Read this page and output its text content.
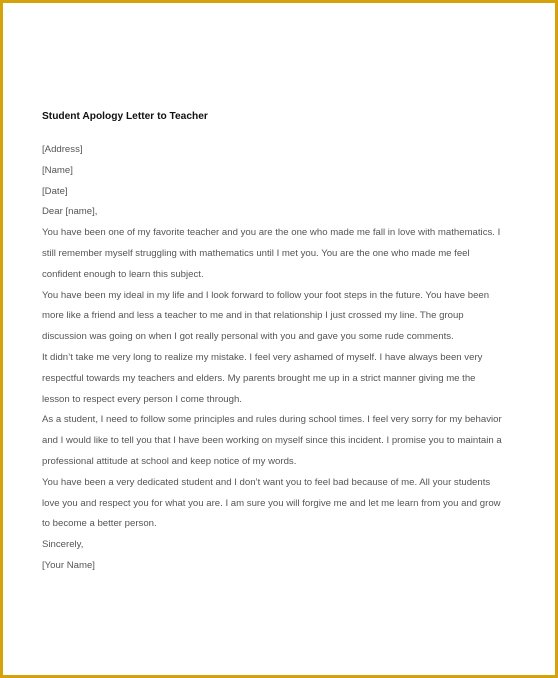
Student Apology Letter to Teacher
[Address]
[Name]
[Date]
Dear [name],
You have been one of my favorite teacher and you are the one who made me fall in love with mathematics. I
still remember myself struggling with mathematics until I met you. You are the one who made me feel
confident enough to learn this subject.
You have been my ideal in my life and I look forward to follow your foot steps in the future. You have been
more like a friend and less a teacher to me and in that relationship I just crossed my line. The group
discussion was going on when I got really personal with you and gave you some rude comments.
It didn’t take me very long to realize my mistake. I feel very ashamed of myself. I have always been very
respectful towards my teachers and elders. My parents brought me up in a strict manner giving me the
lesson to respect every person I come through.
As a student, I need to follow some principles and rules during school times. I feel very sorry for my behavior
and I would like to tell you that I have been working on myself since this incident. I promise you to maintain a
professional attitude at school and keep notice of my words.
You have been a very dedicated student and I don’t want you to feel bad because of me. All your students
love you and respect you for what you are. I am sure you will forgive me and let me learn from you and grow
to become a better person.
Sincerely,
[Your Name]
